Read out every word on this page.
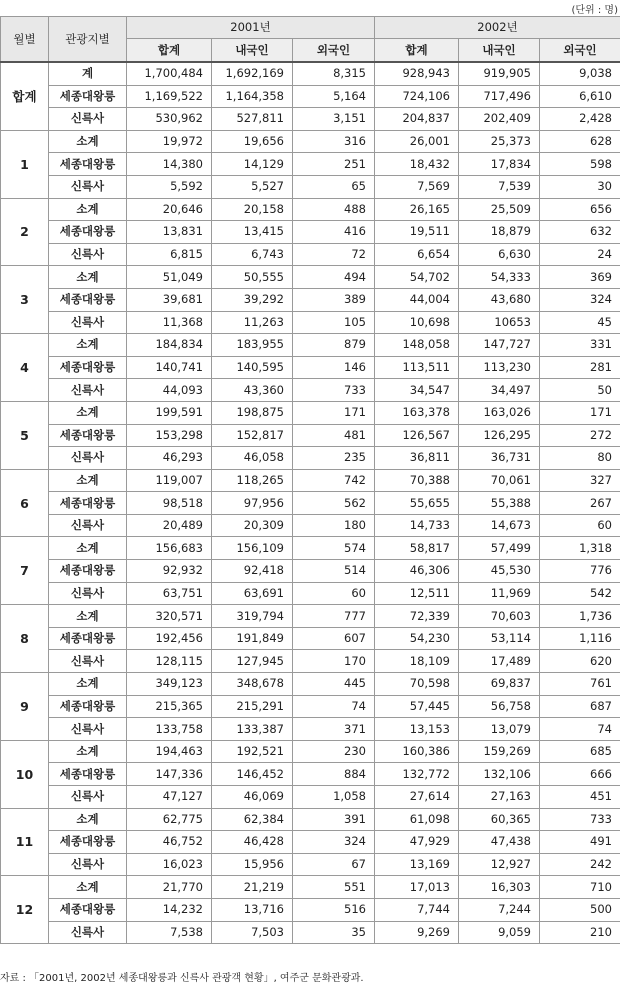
(단위 : 명)
월별	관광지별	2001년			2002년		
		합계	내국인	외국인	합계	내국인	외국인
합계	계	1,700,484	1,692,169	8,315	928,943	919,905	9,038
	세종대왕릉	1,169,522	1,164,358	5,164	724,106	717,496	6,610
	신륵사	530,962	527,811	3,151	204,837	202,409	2,428
1	소계	19,972	19,656	316	26,001	25,373	628
	세종대왕릉	14,380	14,129	251	18,432	17,834	598
	신륵사	5,592	5,527	65	7,569	7,539	30
2	소계	20,646	20,158	488	26,165	25,509	656
	세종대왕릉	13,831	13,415	416	19,511	18,879	632
	신륵사	6,815	6,743	72	6,654	6,630	24
3	소계	51,049	50,555	494	54,702	54,333	369
	세종대왕릉	39,681	39,292	389	44,004	43,680	324
	신륵사	11,368	11,263	105	10,698	10653	45
4	소계	184,834	183,955	879	148,058	147,727	331
	세종대왕릉	140,741	140,595	146	113,511	113,230	281
	신륵사	44,093	43,360	733	34,547	34,497	50
5	소계	199,591	198,875	171	163,378	163,026	171
	세종대왕릉	153,298	152,817	481	126,567	126,295	272
	신륵사	46,293	46,058	235	36,811	36,731	80
6	소계	119,007	118,265	742	70,388	70,061	327
	세종대왕릉	98,518	97,956	562	55,655	55,388	267
	신륵사	20,489	20,309	180	14,733	14,673	60
7	소계	156,683	156,109	574	58,817	57,499	1,318
	세종대왕릉	92,932	92,418	514	46,306	45,530	776
	신륵사	63,751	63,691	60	12,511	11,969	542
8	소계	320,571	319,794	777	72,339	70,603	1,736
	세종대왕릉	192,456	191,849	607	54,230	53,114	1,116
	신륵사	128,115	127,945	170	18,109	17,489	620
9	소계	349,123	348,678	445	70,598	69,837	761
	세종대왕릉	215,365	215,291	74	57,445	56,758	687
	신륵사	133,758	133,387	371	13,153	13,079	74
10	소계	194,463	192,521	230	160,386	159,269	685
	세종대왕릉	147,336	146,452	884	132,772	132,106	666
	신륵사	47,127	46,069	1,058	27,614	27,163	451
11	소계	62,775	62,384	391	61,098	60,365	733
	세종대왕릉	46,752	46,428	324	47,929	47,438	491
	신륵사	16,023	15,956	67	13,169	12,927	242
12	소계	21,770	21,219	551	17,013	16,303	710
	세종대왕릉	14,232	13,716	516	7,744	7,244	500
	신륵사	7,538	7,503	35	9,269	9,059	210
자료 : 「2001년, 2002년 세종대왕릉과 신륵사 관광객 현황」, 여주군 문화관광과.
